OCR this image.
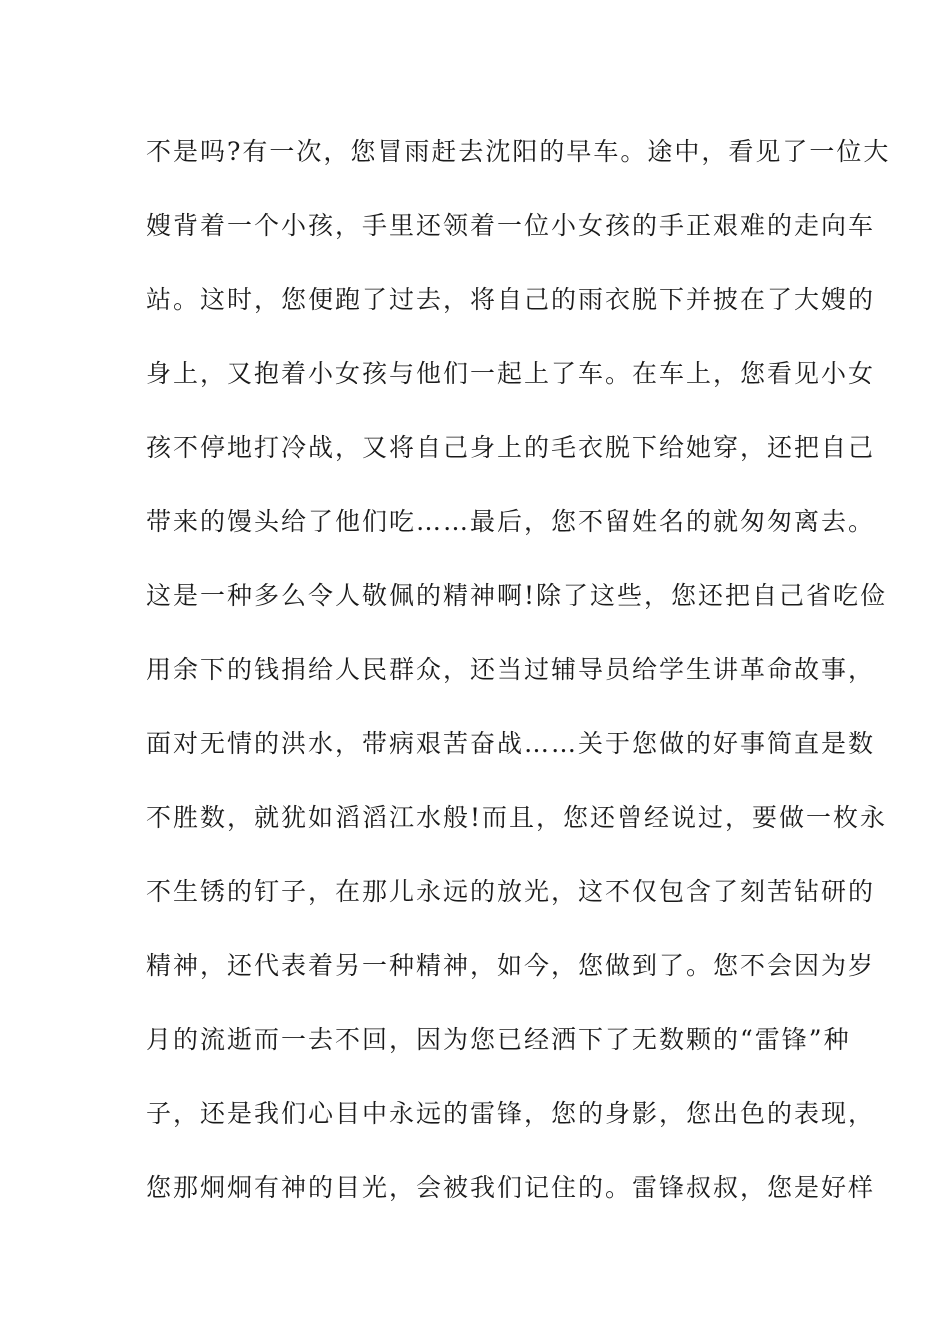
不是吗?有一次，您冒雨赶去沈阳的早车。途中，看见了一位大
嫂背着一个小孩，手里还领着一位小女孩的手正艰难的走向车
站。这时，您便跑了过去，将自己的雨衣脱下并披在了大嫂的
身上，又抱着小女孩与他们一起上了车。在车上，您看见小女
孩不停地打冷战，又将自己身上的毛衣脱下给她穿，还把自己
带来的馒头给了他们吃……最后，您不留姓名的就匆匆离去。
这是一种多么令人敬佩的精神啊!除了这些，您还把自己省吃俭
用余下的钱捐给人民群众，还当过辅导员给学生讲革命故事，
面对无情的洪水，带病艰苦奋战……关于您做的好事简直是数
不胜数，就犹如滔滔江水般!而且，您还曾经说过，要做一枚永
不生锈的钉子，在那儿永远的放光，这不仅包含了刻苦钻研的
精神，还代表着另一种精神，如今，您做到了。您不会因为岁
月的流逝而一去不回，因为您已经洒下了无数颗的“雷锋”种
子，还是我们心目中永远的雷锋，您的身影，您出色的表现，
您那炯炯有神的目光，会被我们记住的。雷锋叔叔，您是好样
